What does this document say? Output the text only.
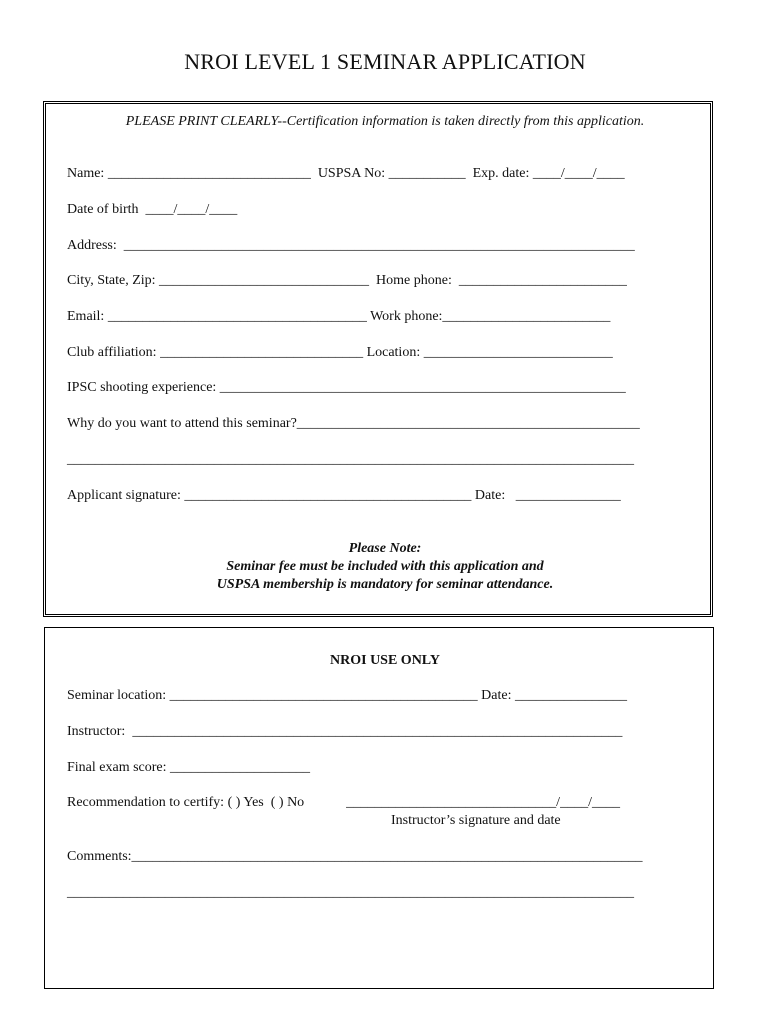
NROI LEVEL 1 SEMINAR APPLICATION
PLEASE PRINT CLEARLY--Certification information is taken directly from this application.
Name: _____________________________  USPSA No: ___________  Exp. date: ____/____/____
Date of birth  ____/____/____
Address:  _________________________________________________________________________
City, State, Zip: ______________________________  Home phone:  ________________________
Email: _____________________________________ Work phone:________________________
Club affiliation: _____________________________ Location: ___________________________
IPSC shooting experience: __________________________________________________________
Why do you want to attend this seminar?_________________________________________________
_________________________________________________________________________________
Applicant signature: _________________________________________ Date:   _______________
Please Note:
Seminar fee must be included with this application and
USPSA membership is mandatory for seminar attendance.
NROI USE ONLY
Seminar location: ____________________________________________ Date: ________________
Instructor:  ______________________________________________________________________
Final exam score: ____________________
Recommendation to certify: ( ) Yes  ( ) No            ______________________________/____/____
Instructor’s signature and date
Comments:_________________________________________________________________________
_________________________________________________________________________________
